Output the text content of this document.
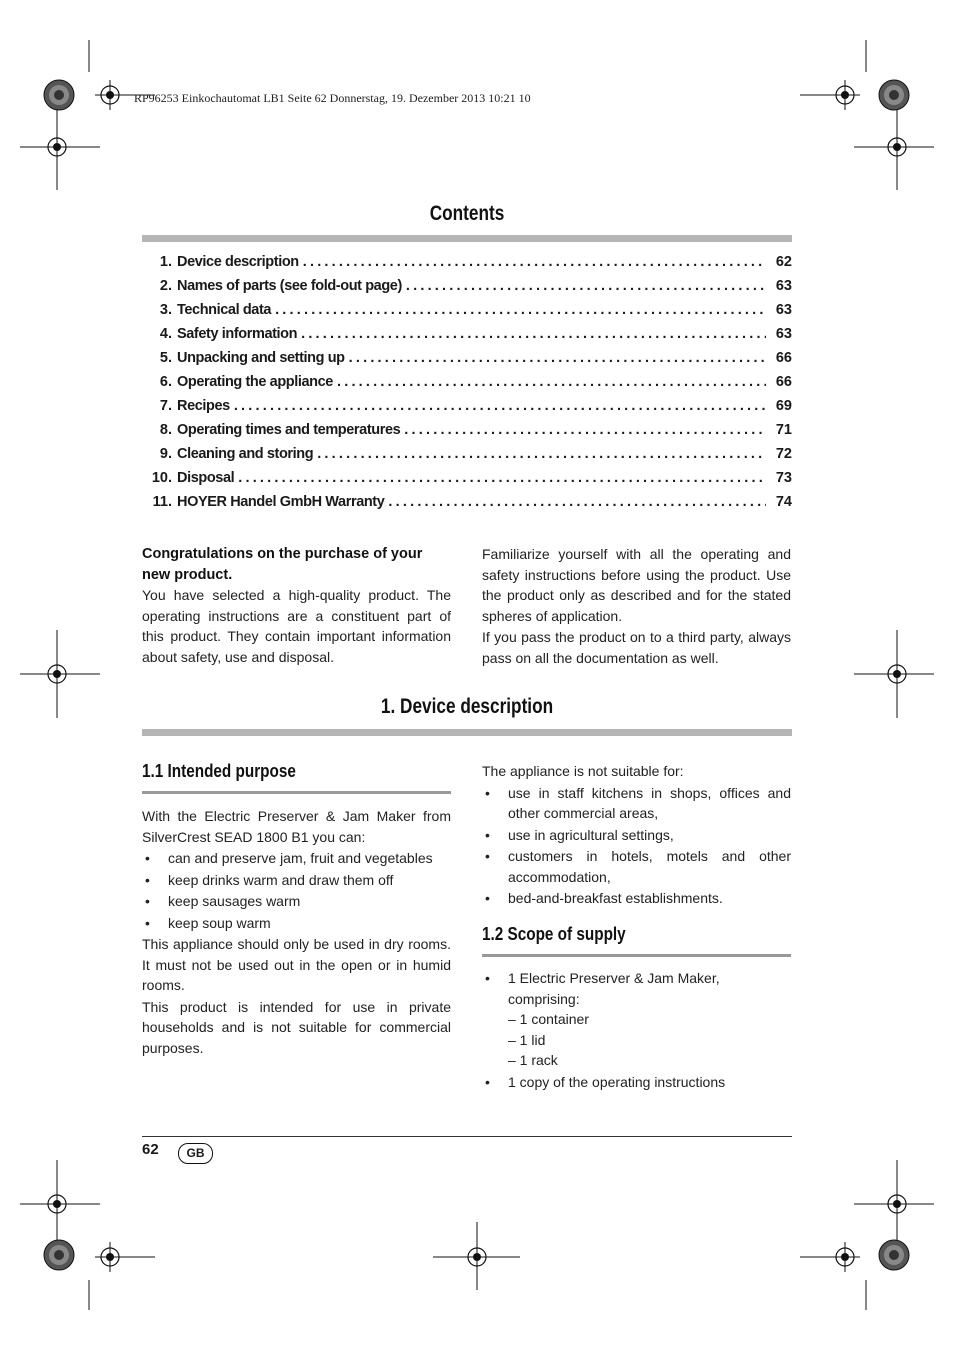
RP96253 Einkochautomat LB1 Seite 62 Donnerstag, 19. Dezember 2013 10:21 10
Contents
1. Device description .....	62
2. Names of parts (see fold-out page) .....	63
3. Technical data .....	63
4. Safety information .....	63
5. Unpacking and setting up .....	66
6. Operating the appliance .....	66
7. Recipes .....	69
8. Operating times and temperatures .....	71
9. Cleaning and storing .....	72
10. Disposal .....	73
11. HOYER Handel GmbH Warranty .....	74
Congratulations on the purchase of your new product.

You have selected a high-quality product. The operating instructions are a constituent part of this product. They contain important information about safety, use and disposal.

Familiarize yourself with all the operating and safety instructions before using the product. Use the product only as described and for the stated spheres of application.

If you pass the product on to a third party, always pass on all the documentation as well.

1. Device description
1.1 Intended purpose

With the Electric Preserver & Jam Maker from SilverCrest SEAD 1800 B1 you can:

• can and preserve jam, fruit and vegetables
• keep drinks warm and draw them off
• keep sausages warm
• keep soup warm

This appliance should only be used in dry rooms. It must not be used out in the open or in humid rooms.

This product is intended for use in private households and is not suitable for commercial purposes.

The appliance is not suitable for:

• use in staff kitchens in shops, offices and other commercial areas,
• use in agricultural settings,
• customers in hotels, motels and other accommodation,
• bed-and-breakfast establishments.
1.2 Scope of supply
• 1 Electric Preserver & Jam Maker, comprising:
– 1 container
– 1 lid
– 1 rack
• 1 copy of the operating instructions
62	GB
